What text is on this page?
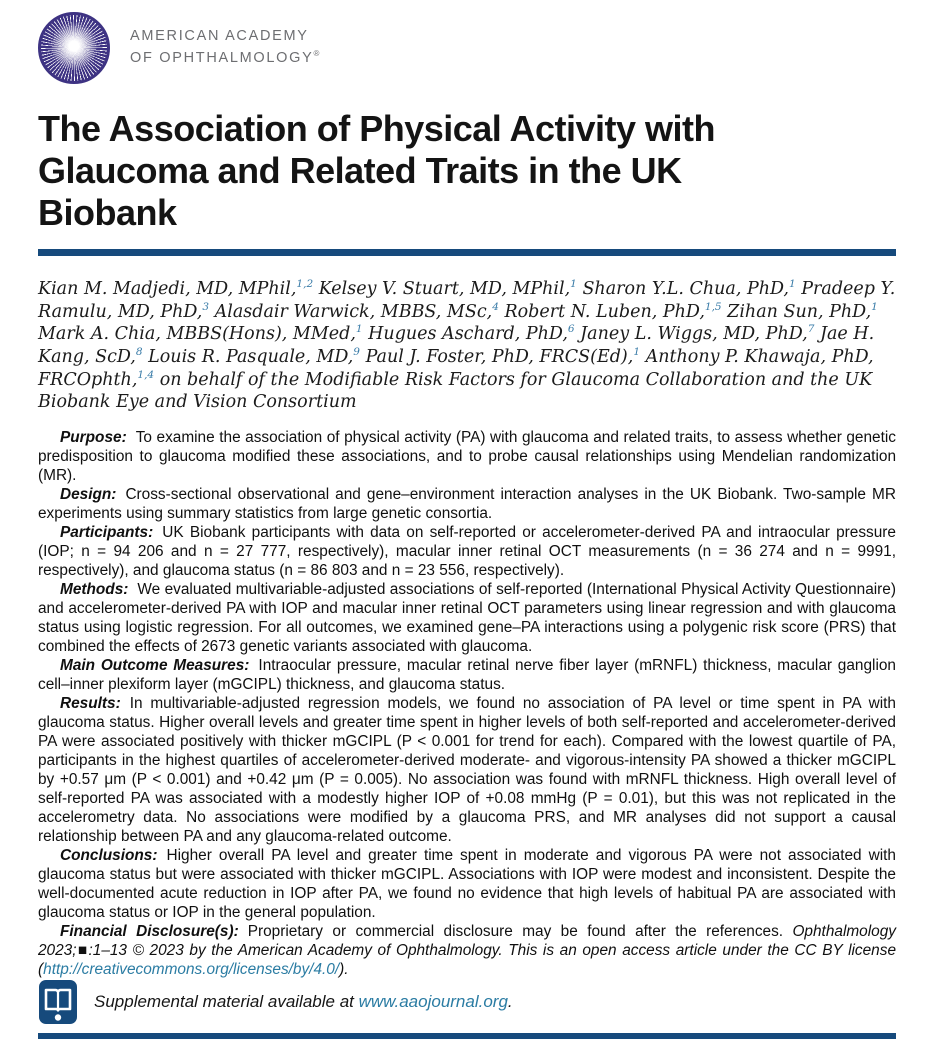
AMERICAN ACADEMY
OF OPHTHALMOLOGY®
The Association of Physical Activity with Glaucoma and Related Traits in the UK Biobank

Kian M. Madjedi, MD, MPhil,$^{1,2}$ Kelsey V. Stuart, MD, MPhil,$^1$ Sharon Y.L. Chua, PhD,$^1$ Pradeep Y. Ramulu, MD, PhD,$^3$ Alasdair Warwick, MBBS, MSc,$^4$ Robert N. Luben, PhD,$^{1,5}$ Zihan Sun, PhD,$^1$ Mark A. Chia, MBBS(Hons), MMed,$^1$ Hugues Aschard, PhD,$^6$ Janey L. Wiggs, MD, PhD,$^7$ Jae H. Kang, ScD,$^8$ Louis R. Pasquale, MD,$^9$ Paul J. Foster, PhD, FRCS(Ed),$^1$ Anthony P. Khawaja, PhD, FRCOphth,$^{1,4}$ on behalf of the Modifiable Risk Factors for Glaucoma Collaboration and the UK Biobank Eye and Vision Consortium

Purpose: To examine the association of physical activity (PA) with glaucoma and related traits, to assess whether genetic predisposition to glaucoma modified these associations, and to probe causal relationships using Mendelian randomization (MR).

Design: Cross-sectional observational and gene–environment interaction analyses in the UK Biobank. Two-sample MR experiments using summary statistics from large genetic consortia.

Participants: UK Biobank participants with data on self-reported or accelerometer-derived PA and intraocular pressure (IOP; n = 94 206 and n = 27 777, respectively), macular inner retinal OCT measurements (n = 36 274 and n = 9991, respectively), and glaucoma status (n = 86 803 and n = 23 556, respectively).

Methods: We evaluated multivariable-adjusted associations of self-reported (International Physical Activity Questionnaire) and accelerometer-derived PA with IOP and macular inner retinal OCT parameters using linear regression and with glaucoma status using logistic regression. For all outcomes, we examined gene–PA interactions using a polygenic risk score (PRS) that combined the effects of 2673 genetic variants associated with glaucoma.

Main Outcome Measures: Intraocular pressure, macular retinal nerve fiber layer (mRNFL) thickness, macular ganglion cell–inner plexiform layer (mGCIPL) thickness, and glaucoma status.

Results: In multivariable-adjusted regression models, we found no association of PA level or time spent in PA with glaucoma status. Higher overall levels and greater time spent in higher levels of both self-reported and accelerometer-derived PA were associated positively with thicker mGCIPL (P < 0.001 for trend for each). Compared with the lowest quartile of PA, participants in the highest quartiles of accelerometer-derived moderate- and vigorous-intensity PA showed a thicker mGCIPL by +0.57 μm (P < 0.001) and +0.42 μm (P = 0.005). No association was found with mRNFL thickness. High overall level of self-reported PA was associated with a modestly higher IOP of +0.08 mmHg (P = 0.01), but this was not replicated in the accelerometry data. No associations were modified by a glaucoma PRS, and MR analyses did not support a causal relationship between PA and any glaucoma-related outcome.

Conclusions: Higher overall PA level and greater time spent in moderate and vigorous PA were not associated with glaucoma status but were associated with thicker mGCIPL. Associations with IOP were modest and inconsistent. Despite the well-documented acute reduction in IOP after PA, we found no evidence that high levels of habitual PA are associated with glaucoma status or IOP in the general population.

Financial Disclosure(s): Proprietary or commercial disclosure may be found after the references. Ophthalmology 2023;■:1–13 © 2023 by the American Academy of Ophthalmology. This is an open access article under the CC BY license (http://creativecommons.org/licenses/by/4.0/).

Supplemental material available at www.aaojournal.org.
